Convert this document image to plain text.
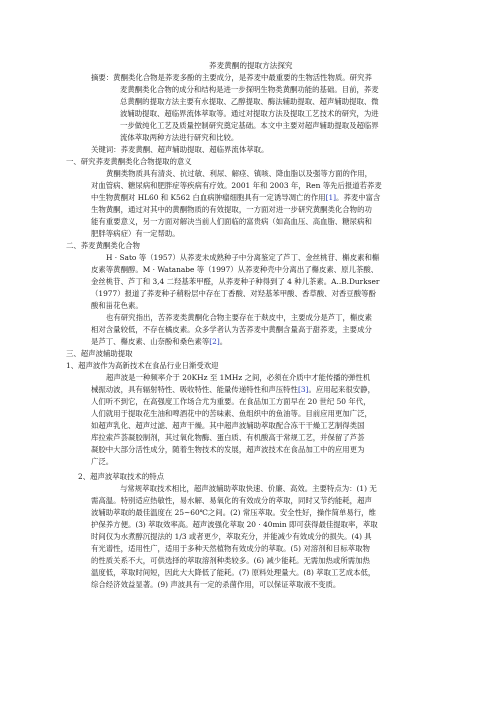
荞麦黄酮的提取方法探究
摘要：黄酮类化合物是荞麦多酚的主要成分，是荞麦中最重要的生物活性物质。研究荞
麦黄酮类化合物的成分和结构是进一步探明生物类黄酮功能的基础。目前，荞麦
总黄酮的提取方法主要有水提取、乙醇提取、酶法辅助提取、超声辅助提取、微
波辅助提取、超临界流体萃取等。通过对提取方法及提取工艺技术的研究，为进
一步做纯化工艺及质量控制研究奠定基础。本文中主要对超声辅助提取及超临界
流体萃取两种方法进行研究和比较。
关键词：荞麦黄酮、超声辅助提取、超临界流体萃取。
一、研究荞麦黄酮类化合物提取的意义
黄酮类物质具有清炎、抗过敏、利尿、解痉、镇咳、降血脂以及强等方面的作用，
对血管病、糖尿病和肥胖症等疾病有疗效。2001 年和 2003 年，Ren 等先后报道若荞麦
中生物黄酮对 HL60 和 K562 白血病肿瘤细胞具有一定诱导凋亡的作用[1]。荞麦中富含
生物黄酮，通过对其中的黄酮物质的有效提取，一方面对进一步研究黄酮类化合物的功
能有重要意义，另一方面对解决当前人们面临的富贵病（如高血压、高血脂、糖尿病和
肥胖等病症）有一定帮助。
二、荞麦黄酮类化合物
H · Sato 等（1957）从荞麦未成熟种子中分离鉴定了芦丁、金丝桃苷、槲皮素和槲
皮素等黄酮醇。M · Watanabe 等（1997）从荞麦种壳中分离出了槲皮素、原儿茶酸、
金丝桃苷、芦丁和 3,4 二羟基苯甲醛，从荞麦种子种得到了 4 种儿茶素。A..B.Durkser
（1977）报道了荞麦种子稍粉层中存在丁香酸、对羟基苯甲酸、香草酸、对香豆酸等酚
酸和甾花色素。
也有研究指出，苦荞麦类黄酮化合物主要存在于麸皮中，主要成分是芦丁，槲皮素
相对含量较低，不存在橘皮素。众多学者认为苦荞麦中黄酮含量高于甜荞麦，主要成分
是芦丁、槲皮素、山奈酚和桑色素等[2]。
三、超声波辅助提取
1、超声波作为高新技术在食品行业日渐受欢迎
超声波是一种频率介于 20KHz 至 1MHz 之间，必须在介质中才能传播的弹性机
械振动波，具有辐射特性、吸收特性、能量传递特性和声压特性[3]。应用起来很安静，
人们听不到它，在高强度工作场合尤为重要。在食品加工方面早在 20 世纪 50 年代，
人们就用于提取花生油和啤酒花中的苦味素、鱼组织中的鱼油等。目前应用更加广泛，
如超声乳化、超声过滤、超声干燥。其中超声波辅助萃取配合冻干干燥工艺制得类国
库拉索芦荟凝胶制剂，其过氧化物酶、蛋白质、有机酸高于常规工艺，并保留了芦荟
凝胶中大部分活性成分，随着生物技术的发展，超声波技术在食品加工中的应用更为
广泛。
2、超声波萃取技术的特点
与常规萃取技术相比，超声波辅助萃取快速、价廉、高效。主要特点为：(1) 无
需高温。特别适应热敏性，易水解、易氧化的有效成分的萃取，同时又节约能耗，超声
波辅助萃取的最佳温度在 25~60℃之间。(2) 常压萃取。安全性好，操作简单易行，维
护保养方便。(3) 萃取效率高。超声波强化萃取 20 · 40min 即可获得最佳提取率，萃取
时间仅为水煮醇沉提法的 1/3 或者更少，萃取充分，并能减少有效成分的损失。(4) 具
有光谱性，适用性广，适用于多种天然植物有效成分的萃取。(5) 对溶剂和目标萃取物
的性质关系不大，可供选择的萃取溶剂种类较多。(6) 减少能耗。无需加热或所需加热
温度低，萃取时间短，因此大大降低了能耗。(7) 原料处理量大。(8) 萃取工艺成本低，
综合经济效益显著。(9) 声波具有一定的杀菌作用，可以保证萃取液不变质。
